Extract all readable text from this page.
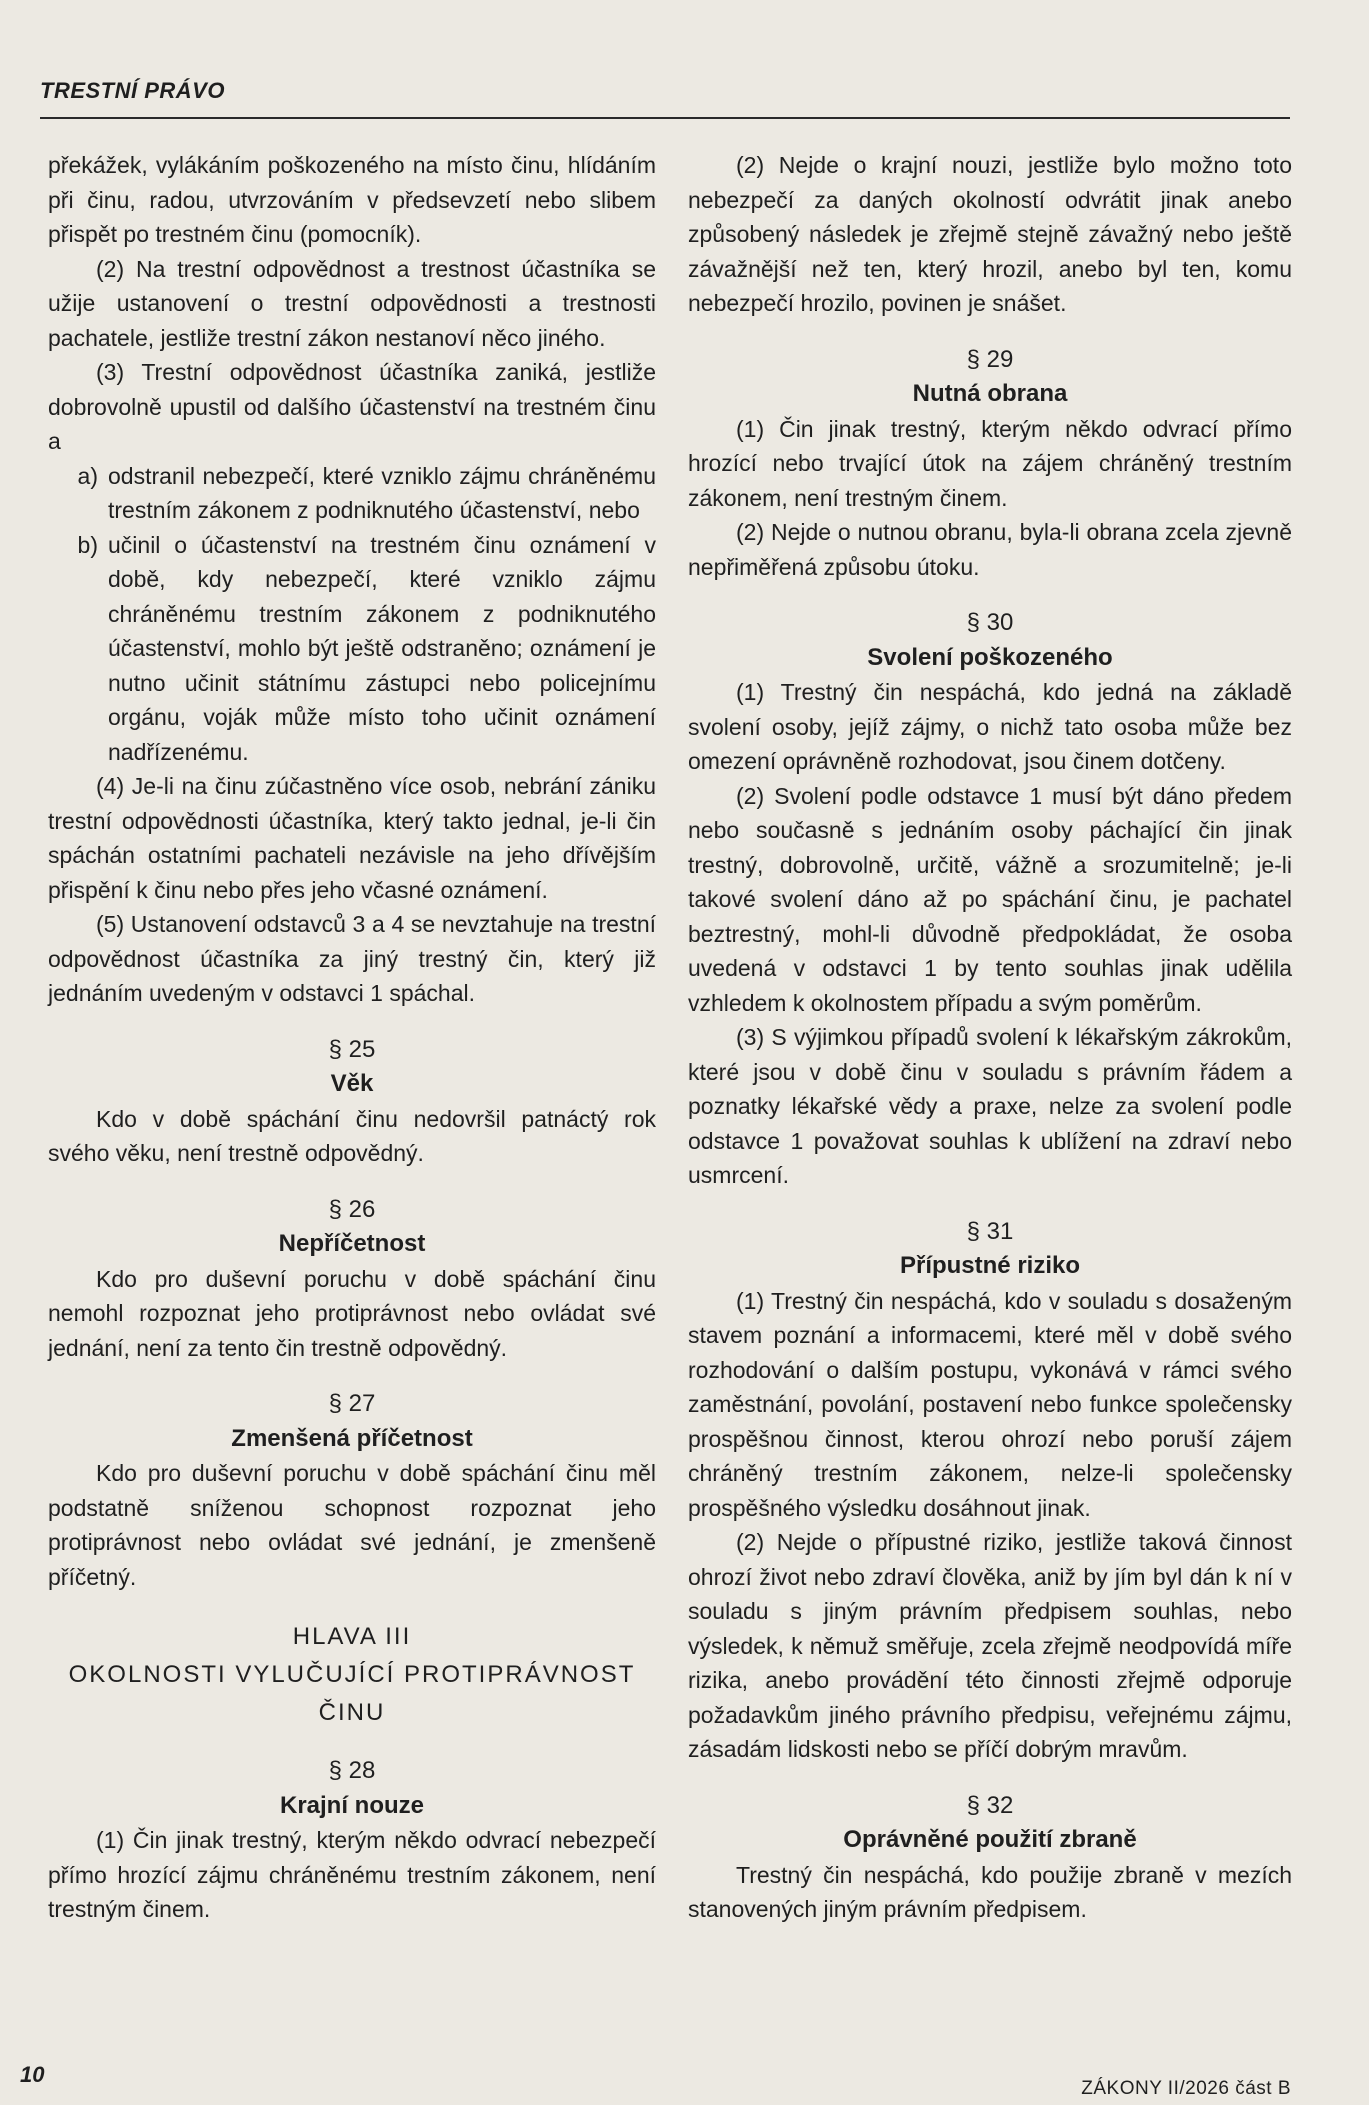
TRESTNÍ PRÁVO

překážek, vylákáním poškozeného na místo činu, hlídáním při činu, radou, utvrzováním v předsevzetí nebo slibem přispět po trestném činu (pomocník).

(2) Na trestní odpovědnost a trestnost účastníka se užije ustanovení o trestní odpovědnosti a trestnosti pachatele, jestliže trestní zákon nestanoví něco jiného.

(3) Trestní odpovědnost účastníka zaniká, jestliže dobrovolně upustil od dalšího účastenství na trestném činu a

a) odstranil nebezpečí, které vzniklo zájmu chráněnému trestním zákonem z podniknutého účastenství, nebo
b) učinil o účastenství na trestném činu oznámení v době, kdy nebezpečí, které vzniklo zájmu chráněnému trestním zákonem z podniknutého účastenství, mohlo být ještě odstraněno; oznámení je nutno učinit státnímu zástupci nebo policejnímu orgánu, voják může místo toho učinit oznámení nadřízenému.

(4) Je-li na činu zúčastněno více osob, nebrání zániku trestní odpovědnosti účastníka, který takto jednal, je-li čin spáchán ostatními pachateli nezávisle na jeho dřívějším přispění k činu nebo přes jeho včasné oznámení.

(5) Ustanovení odstavců 3 a 4 se nevztahuje na trestní odpovědnost účastníka za jiný trestný čin, který již jednáním uvedeným v odstavci 1 spáchal.

§ 25
Věk

Kdo v době spáchání činu nedovršil patnáctý rok svého věku, není trestně odpovědný.

§ 26
Nepříčetnost

Kdo pro duševní poruchu v době spáchání činu nemohl rozpoznat jeho protiprávnost nebo ovládat své jednání, není za tento čin trestně odpovědný.

§ 27
Zmenšená příčetnost

Kdo pro duševní poruchu v době spáchání činu měl podstatně sníženou schopnost rozpoznat jeho protiprávnost nebo ovládat své jednání, je zmenšeně příčetný.

HLAVA III
OKOLNOSTI VYLUČUJÍCÍ PROTIPRÁVNOST
ČINU
§ 28
Krajní nouze

(1) Čin jinak trestný, kterým někdo odvrací nebezpečí přímo hrozící zájmu chráněnému trestním zákonem, není trestným činem.

(2) Nejde o krajní nouzi, jestliže bylo možno toto nebezpečí za daných okolností odvrátit jinak anebo způsobený následek je zřejmě stejně závažný nebo ještě závažnější než ten, který hrozil, anebo byl ten, komu nebezpečí hrozilo, povinen je snášet.

§ 29
Nutná obrana

(1) Čin jinak trestný, kterým někdo odvrací přímo hrozící nebo trvající útok na zájem chráněný trestním zákonem, není trestným činem.

(2) Nejde o nutnou obranu, byla-li obrana zcela zjevně nepřiměřená způsobu útoku.

§ 30
Svolení poškozeného

(1) Trestný čin nespáchá, kdo jedná na základě svolení osoby, jejíž zájmy, o nichž tato osoba může bez omezení oprávněně rozhodovat, jsou činem dotčeny.

(2) Svolení podle odstavce 1 musí být dáno předem nebo současně s jednáním osoby páchající čin jinak trestný, dobrovolně, určitě, vážně a srozumitelně; je-li takové svolení dáno až po spáchání činu, je pachatel beztrestný, mohl-li důvodně předpokládat, že osoba uvedená v odstavci 1 by tento souhlas jinak udělila vzhledem k okolnostem případu a svým poměrům.

(3) S výjimkou případů svolení k lékařským zákrokům, které jsou v době činu v souladu s právním řádem a poznatky lékařské vědy a praxe, nelze za svolení podle odstavce 1 považovat souhlas k ublížení na zdraví nebo usmrcení.

§ 31
Přípustné riziko

(1) Trestný čin nespáchá, kdo v souladu s dosaženým stavem poznání a informacemi, které měl v době svého rozhodování o dalším postupu, vykonává v rámci svého zaměstnání, povolání, postavení nebo funkce společensky prospěšnou činnost, kterou ohrozí nebo poruší zájem chráněný trestním zákonem, nelze-li společensky prospěšného výsledku dosáhnout jinak.

(2) Nejde o přípustné riziko, jestliže taková činnost ohrozí život nebo zdraví člověka, aniž by jím byl dán k ní v souladu s jiným právním předpisem souhlas, nebo výsledek, k němuž směřuje, zcela zřejmě neodpovídá míře rizika, anebo provádění této činnosti zřejmě odporuje požadavkům jiného právního předpisu, veřejnému zájmu, zásadám lidskosti nebo se příčí dobrým mravům.

§ 32
Oprávněné použití zbraně

Trestný čin nespáchá, kdo použije zbraně v mezích stanovených jiným právním předpisem.

10
ZÁKONY II/2026 část B
